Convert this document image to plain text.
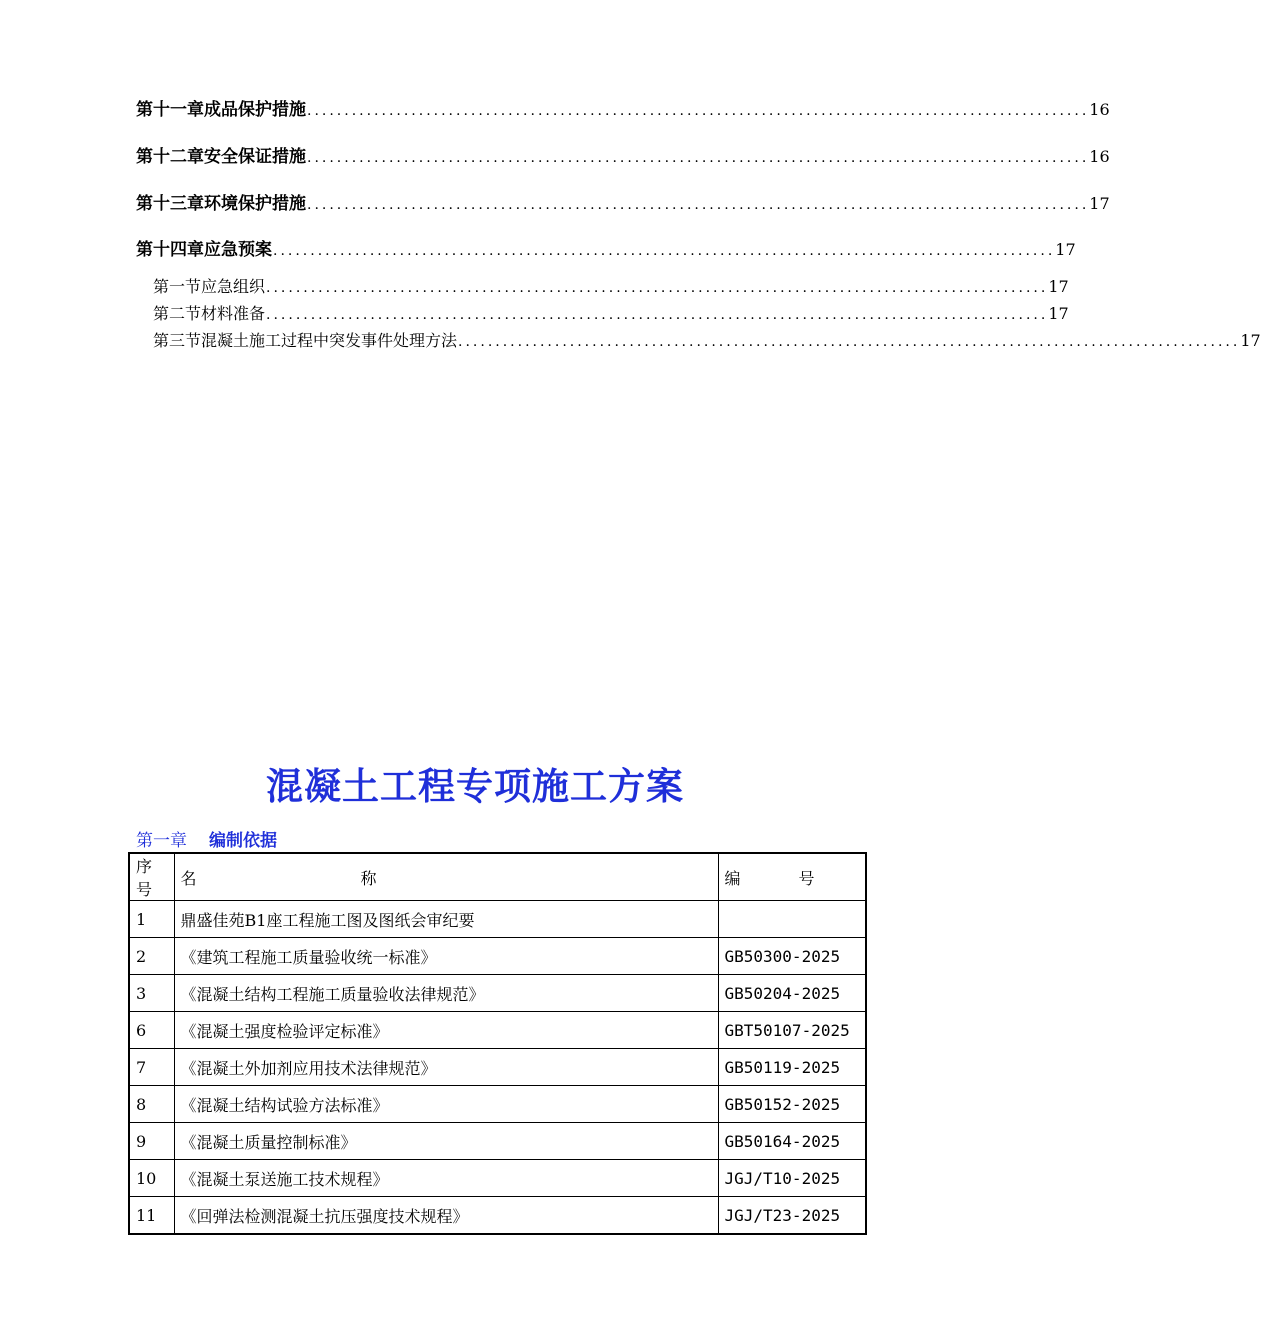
第十一章 成品保护措施 ......................................................................................................... 16
第十二章 安全保证措施 ......................................................................................................... 16
第十三章 环境保护措施 ......................................................................................................... 17
第十四章 应急预案 ......................................................................................................... 17
第一节 应急组织 ......................................................................................................... 17
第二节 材料准备 ......................................................................................................... 17
第三节 混凝土施工过程中突发事件处理方法 ......................................................................................................... 17
混凝土工程专项施工方案
第一章 编制依据
序号	名 称	编 号
1	鼎盛佳苑B1座工程施工图及图纸会审纪要	
2	《建筑工程施工质量验收统一标准》	GB50300-2025
3	《混凝土结构工程施工质量验收法律规范》	GB50204-2025
6	《混凝土强度检验评定标准》	GBT50107-2025
7	《混凝土外加剂应用技术法律规范》	GB50119-2025
8	《混凝土结构试验方法标准》	GB50152-2025
9	《混凝土质量控制标准》	GB50164-2025
10	《混凝土泵送施工技术规程》	JGJ/T10-2025
11	《回弹法检测混凝土抗压强度技术规程》	JGJ/T23-2025
